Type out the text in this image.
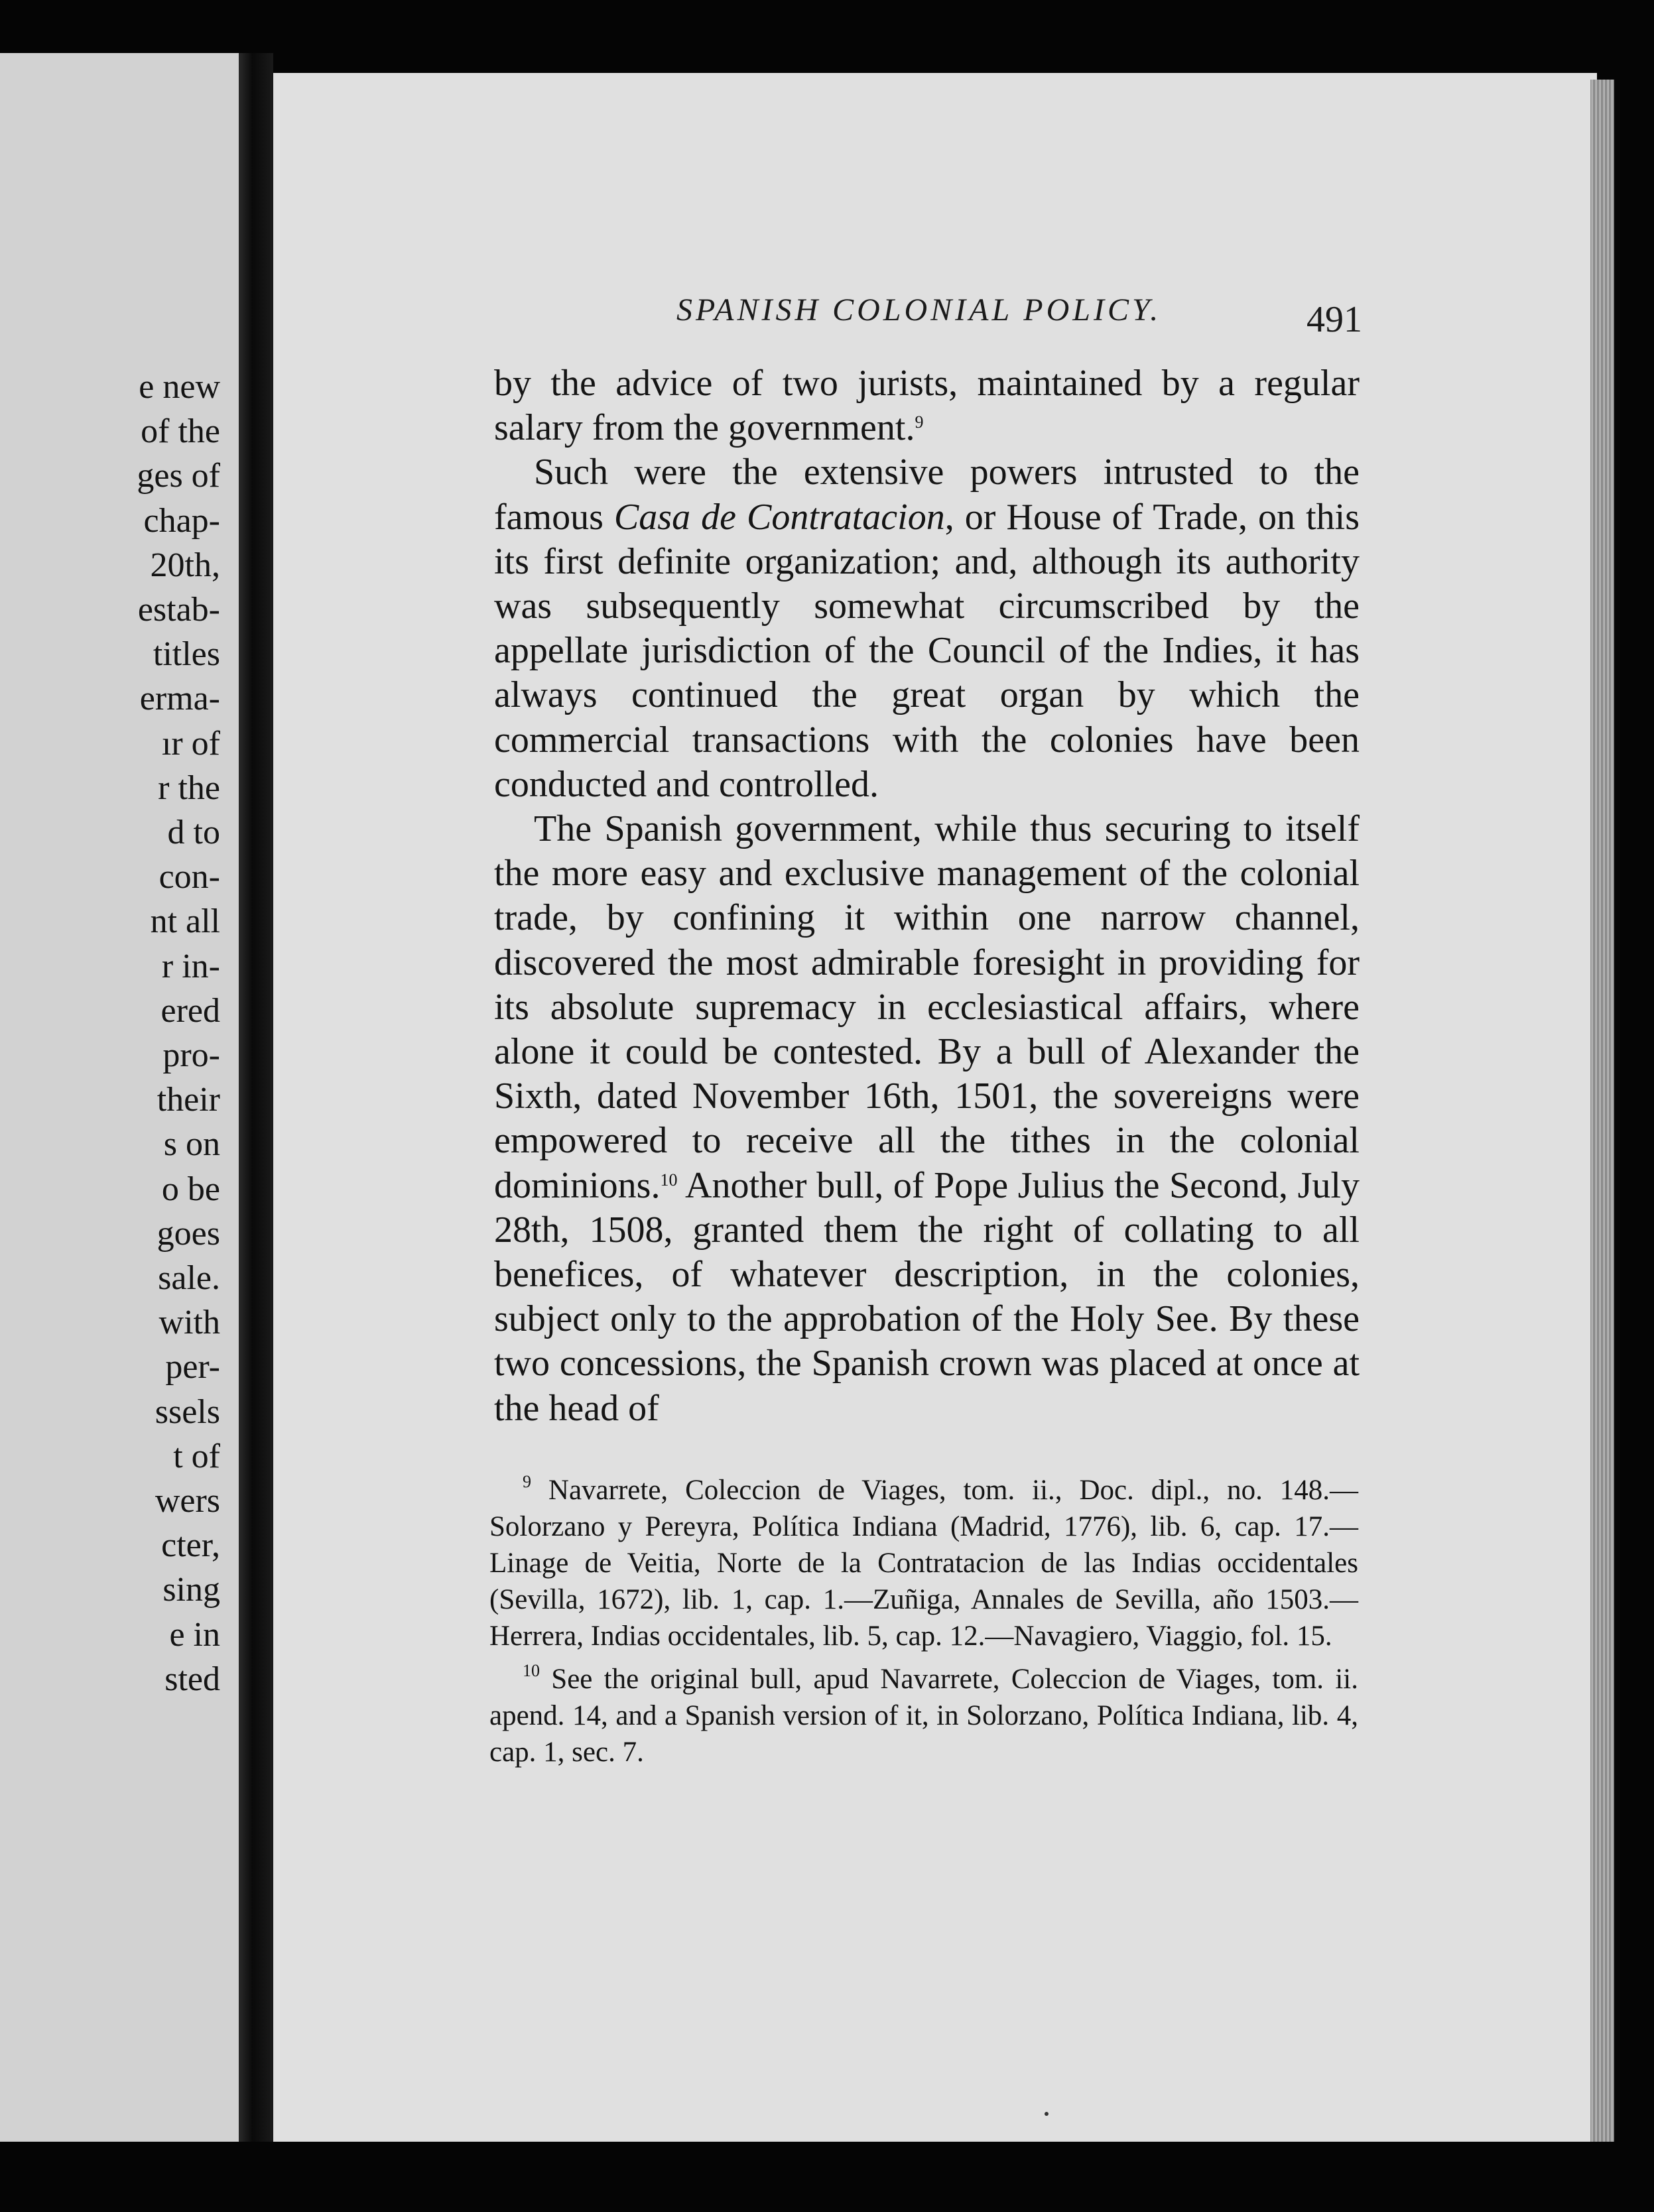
e new
of the
ges of
chap-
20th,
estab-
titles
erma-
ır of
r the
d to
con-
nt all
r in-
ered
pro-
their
s on
o be
goes
sale.
with
per-
ssels
t of
wers
cter,
sing
e in
sted
SPANISH COLONIAL POLICY.	491

by the advice of two jurists, maintained by a regular salary from the government.$^9$

Such were the extensive powers intrusted to the famous Casa de Contratacion, or House of Trade, on this its first definite organization; and, although its authority was subsequently somewhat circumscribed by the appellate jurisdiction of the Council of the Indies, it has always continued the great organ by which the commercial transactions with the colonies have been conducted and controlled.

The Spanish government, while thus securing to itself the more easy and exclusive management of the colonial trade, by confining it within one narrow channel, discovered the most admirable foresight in providing for its absolute supremacy in ecclesiastical affairs, where alone it could be contested. By a bull of Alexander the Sixth, dated November 16th, 1501, the sovereigns were empowered to receive all the tithes in the colonial dominions.$^{10}$ Another bull, of Pope Julius the Second, July 28th, 1508, granted them the right of collating to all benefices, of whatever description, in the colonies, subject only to the approbation of the Holy See. By these two concessions, the Spanish crown was placed at once at the head of

$^9$ Navarrete, Coleccion de Viages, tom. ii., Doc. dipl., no. 148.—Solorzano y Pereyra, Política Indiana (Madrid, 1776), lib. 6, cap. 17.—Linage de Veitia, Norte de la Contratacion de las Indias occidentales (Sevilla, 1672), lib. 1, cap. 1.—Zuñiga, Annales de Sevilla, año 1503.—Herrera, Indias occidentales, lib. 5, cap. 12.—Navagiero, Viaggio, fol. 15.

$^{10}$ See the original bull, apud Navarrete, Coleccion de Viages, tom. ii. apend. 14, and a Spanish version of it, in Solorzano, Política Indiana, lib. 4, cap. 1, sec. 7.
